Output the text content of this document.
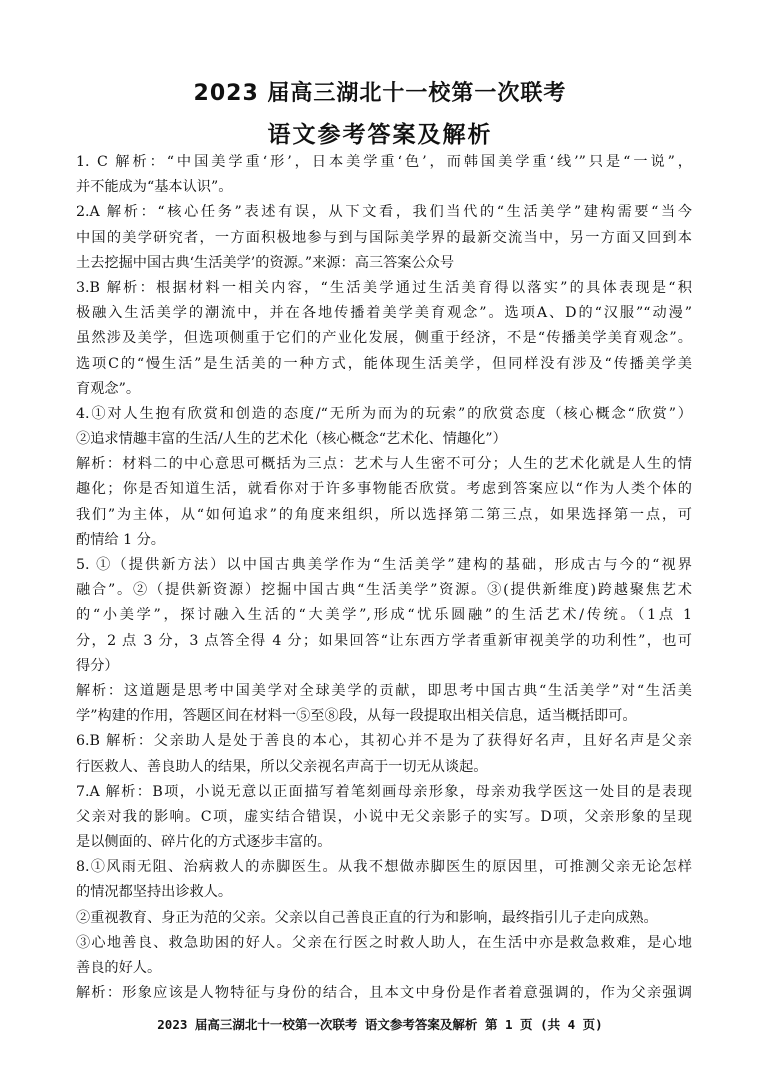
2023 届高三湖北十一校第一次联考
语文参考答案及解析
1. C 解析：“中国美学重‘形’，日本美学重‘色’，而韩国美学重‘线’”只是“一说”，
并不能成为“基本认识”。
2.A 解析：“核心任务”表述有误，从下文看，我们当代的“生活美学”建构需要“当今
中国的美学研究者，一方面积极地参与到与国际美学界的最新交流当中，另一方面又回到本
土去挖掘中国古典‘生活美学’的资源。”来源：高三答案公众号
3.B 解析：根据材料一相关内容，“生活美学通过生活美育得以落实”的具体表现是“积
极融入生活美学的潮流中，并在各地传播着美学美育观念”。选项A、D的“汉服”“动漫”
虽然涉及美学，但选项侧重于它们的产业化发展，侧重于经济，不是“传播美学美育观念”。
选项C的“慢生活”是生活美的一种方式，能体现生活美学，但同样没有涉及“传播美学美
育观念”。
4.①对人生抱有欣赏和创造的态度/“无所为而为的玩索”的欣赏态度（核心概念“欣赏”）
②追求情趣丰富的生活/人生的艺术化（核心概念“艺术化、情趣化”）
解析：材料二的中心意思可概括为三点：艺术与人生密不可分；人生的艺术化就是人生的情
趣化；你是否知道生活，就看你对于许多事物能否欣赏。考虑到答案应以“作为人类个体的
我们”为主体，从“如何追求”的角度来组织，所以选择第二第三点，如果选择第一点，可
酌情给 1 分。
5. ①（提供新方法）以中国古典美学作为“生活美学”建构的基础，形成古与今的“视界
融合”。②（提供新资源）挖掘中国古典“生活美学”资源。③(提供新维度)跨越聚焦艺术
的“小美学”，探讨融入生活的“大美学”,形成“忧乐圆融”的生活艺术/传统。（1点 1
分，2 点 3 分，3 点答全得 4 分；如果回答“让东西方学者重新审视美学的功利性”，也可
得分）
解析：这道题是思考中国美学对全球美学的贡献，即思考中国古典“生活美学”对“生活美
学”构建的作用，答题区间在材料一⑤至⑧段，从每一段提取出相关信息，适当概括即可。
6.B 解析：父亲助人是处于善良的本心，其初心并不是为了获得好名声，且好名声是父亲
行医救人、善良助人的结果，所以父亲视名声高于一切无从谈起。
7.A 解析：B项，小说无意以正面描写着笔刻画母亲形象，母亲劝我学医这一处目的是表现
父亲对我的影响。C项，虚实结合错误，小说中无父亲影子的实写。D项，父亲形象的呈现
是以侧面的、碎片化的方式逐步丰富的。
8.①风雨无阻、治病救人的赤脚医生。从我不想做赤脚医生的原因里，可推测父亲无论怎样
的情况都坚持出诊救人。
②重视教育、身正为范的父亲。父亲以自己善良正直的行为和影响，最终指引儿子走向成熟。
③心地善良、救急助困的好人。父亲在行医之时救人助人，在生活中亦是救急救难，是心地
善良的好人。
解析：形象应该是人物特征与身份的结合，且本文中身份是作者着意强调的，作为父亲强调
2023 届高三湖北十一校第一次联考 语文参考答案及解析 第 1 页 (共 4 页)
